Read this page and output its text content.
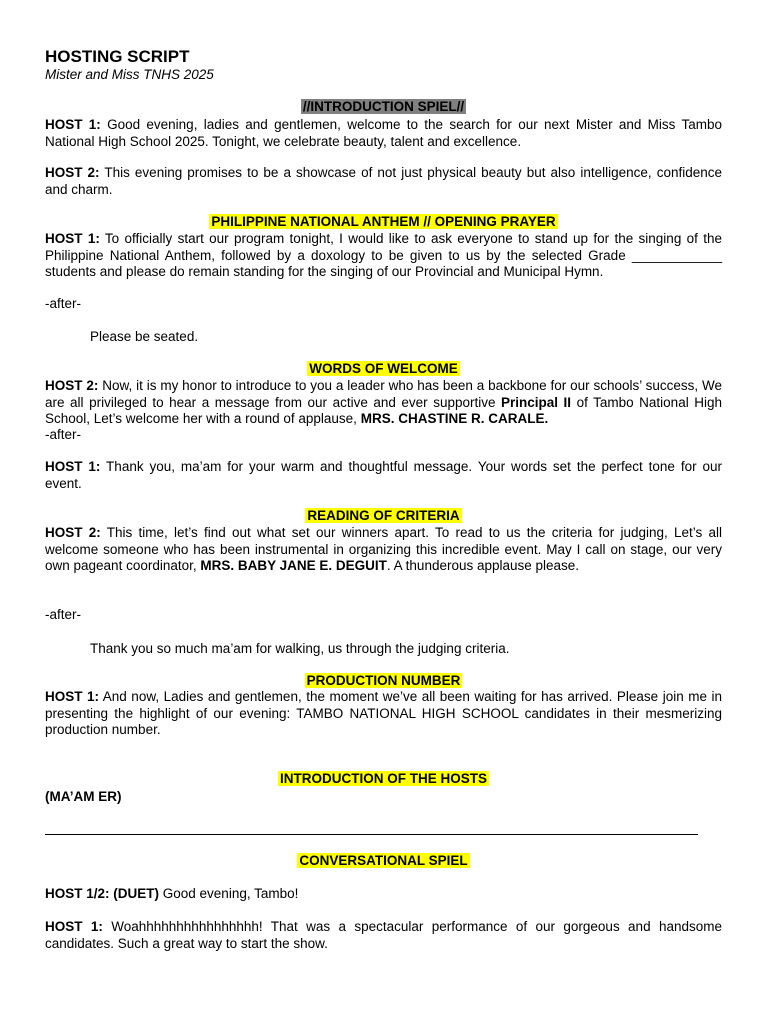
HOSTING SCRIPT
Mister and Miss TNHS 2025
//INTRODUCTION SPIEL//

HOST 1: Good evening, ladies and gentlemen, welcome to the search for our next Mister and Miss Tambo National High School 2025. Tonight, we celebrate beauty, talent and excellence.

HOST 2: This evening promises to be a showcase of not just physical beauty but also intelligence, confidence and charm.

PHILIPPINE NATIONAL ANTHEM // OPENING PRAYER

HOST 1: To officially start our program tonight, I would like to ask everyone to stand up for the singing of the Philippine National Anthem, followed by a doxology to be given to us by the selected Grade ____________ students and please do remain standing for the singing of our Provincial and Municipal Hymn.

-after-

Please be seated.

WORDS OF WELCOME

HOST 2: Now, it is my honor to introduce to you a leader who has been a backbone for our schools’ success, We are all privileged to hear a message from our active and ever supportive Principal II of Tambo National High School, Let’s welcome her with a round of applause, MRS. CHASTINE R. CARALE.

-after-

HOST 1: Thank you, ma’am for your warm and thoughtful message. Your words set the perfect tone for our event.

READING OF CRITERIA

HOST 2: This time, let’s find out what set our winners apart. To read to us the criteria for judging, Let’s all welcome someone who has been instrumental in organizing this incredible event. May I call on stage, our very own pageant coordinator, MRS. BABY JANE E. DEGUIT. A thunderous applause please.

-after-

Thank you so much ma’am for walking, us through the judging criteria.

PRODUCTION NUMBER

HOST 1: And now, Ladies and gentlemen, the moment we’ve all been waiting for has arrived. Please join me in presenting the highlight of our evening: TAMBO NATIONAL HIGH SCHOOL candidates in their mesmerizing production number.

INTRODUCTION OF THE HOSTS

(MA’AM ER)

CONVERSATIONAL SPIEL

HOST 1/2: (DUET) Good evening, Tambo!

HOST 1: Woahhhhhhhhhhhhhhhh! That was a spectacular performance of our gorgeous and handsome candidates. Such a great way to start the show.
